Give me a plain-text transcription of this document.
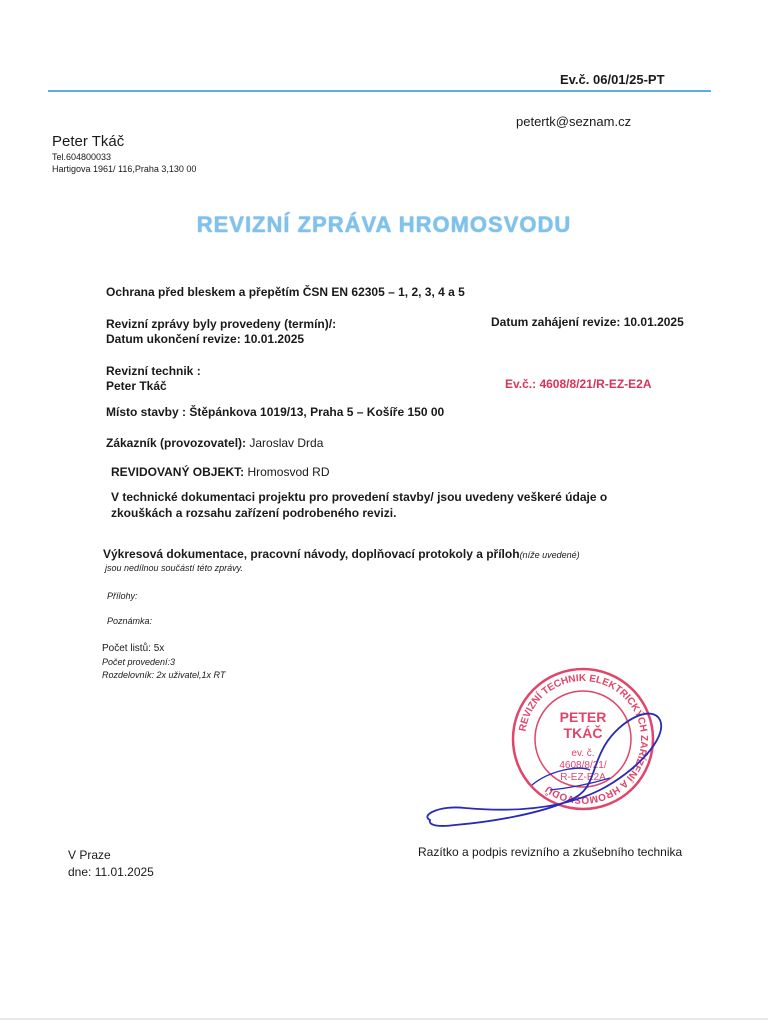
Ev.č. 06/01/25-PT
petertk@seznam.cz
Peter Tkáč
Tel.604800033
Hartigova 1961/ 116,Praha 3,130 00
REVIZNÍ ZPRÁVA HROMOSVODU
Ochrana před bleskem a přepětím ČSN EN 62305 – 1, 2, 3, 4 a 5
Revizní zprávy byly provedeny (termín)/:	Datum zahájení revize: 10.01.2025
Datum ukončení revize: 10.01.2025
Revizní technik :
Peter Tkáč	Ev.č.: 4608/8/21/R-EZ-E2A
Místo stavby : Štěpánkova 1019/13, Praha 5 – Košíře 150 00
Zákazník (provozovatel): Jaroslav Drda
REVIDOVANÝ OBJEKT: Hromosvod RD
V technické dokumentaci projektu pro provedení stavby/ jsou uvedeny veškeré údaje o
zkouškách a rozsahu zařízení podrobeného revizi.
Výkresová dokumentace, pracovní návody, doplňovací protokoly a příloh(níže uvedené)
jsou nedílnou součástí této zprávy.
Přílohy:
Poznámka:
Počet listů: 5x
Počet provedení:3
Rozdelovník: 2x uživatel,1x RT
REVIZNÍ TECHNIK ELEKTRICKÝCH ZAŘÍZENÍ A HROMOSVODŮ
PETER
TKÁČ
ev. č.
4608/8/21/
R-EZ-E2A
V Praze
dne: 11.01.2025
Razítko a podpis revizního a zkušebního technika
